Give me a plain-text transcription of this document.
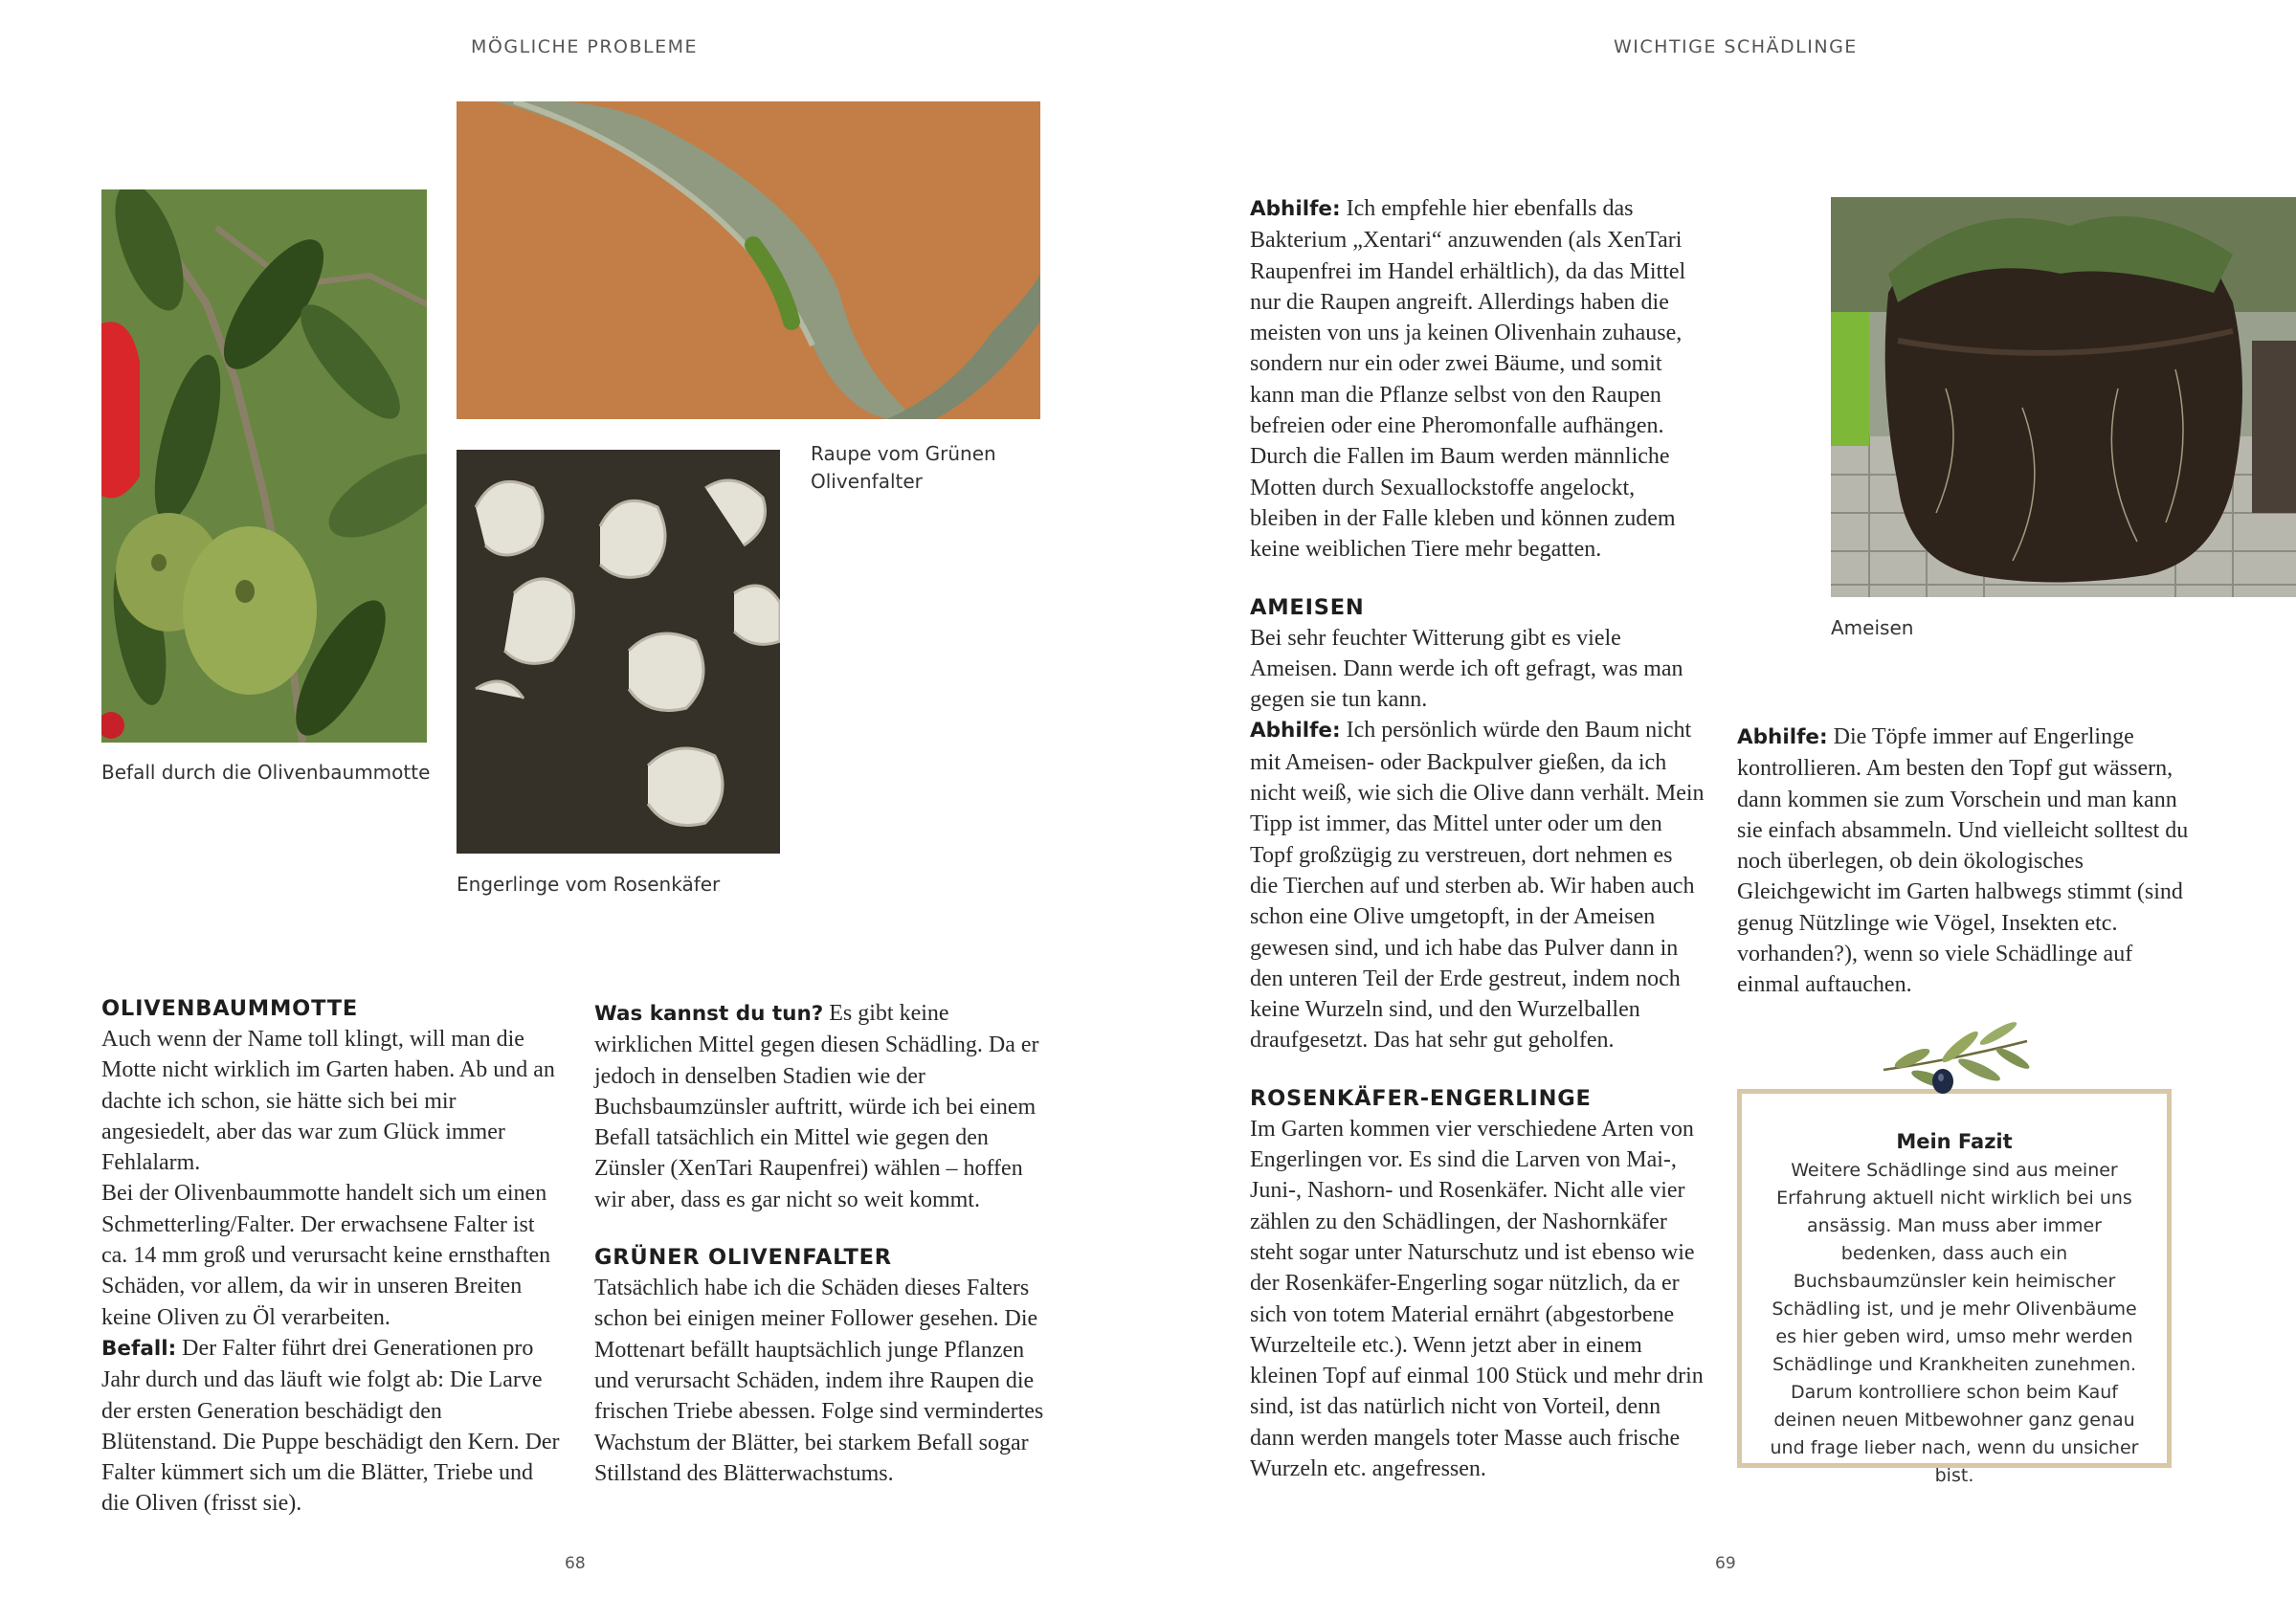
MÖGLICHE PROBLEME
Befall durch die Olivenbaummotte
Raupe vom Grünen
Olivenfalter
Engerlinge vom Rosenkäfer
OLIVENBAUMMOTTE

Auch wenn der Name toll klingt, will man die Motte nicht wirklich im Garten haben. Ab und an dachte ich schon, sie hätte sich bei mir angesiedelt, aber das war zum Glück immer Fehlalarm.

Bei der Olivenbaummotte handelt sich um einen Schmetterling/Falter. Der erwachsene Falter ist ca. 14 mm groß und verursacht keine ernsthaften Schäden, vor allem, da wir in unseren Breiten keine Oliven zu Öl verarbeiten.

Befall: Der Falter führt drei Generationen pro Jahr durch und das läuft wie folgt ab: Die Larve der ersten Generation beschädigt den Blütenstand. Die Puppe beschädigt den Kern. Der Falter kümmert sich um die Blätter, Triebe und die Oliven (frisst sie).

Was kannst du tun? Es gibt keine wirklichen Mittel gegen diesen Schädling. Da er jedoch in denselben Stadien wie der Buchsbaumzünsler auftritt, würde ich bei einem Befall tatsächlich ein Mittel wie gegen den Zünsler (XenTari Raupenfrei) wählen – hoffen wir aber, dass es gar nicht so weit kommt.

GRÜNER OLIVENFALTER

Tatsächlich habe ich die Schäden dieses Falters schon bei einigen meiner Follower gesehen. Die Mottenart befällt hauptsächlich junge Pflanzen und verursacht Schäden, indem ihre Raupen die frischen Triebe abessen. Folge sind vermindertes Wachstum der Blätter, bei starkem Befall sogar Stillstand des Blätterwachstums.

68
WICHTIGE SCHÄDLINGE

Abhilfe: Ich empfehle hier ebenfalls das Bakterium „Xentari“ anzuwenden (als XenTari Raupenfrei im Handel erhältlich), da das Mittel nur die Raupen angreift. Allerdings haben die meisten von uns ja keinen Olivenhain zuhause, sondern nur ein oder zwei Bäume, und somit kann man die Pflanze selbst von den Raupen befreien oder eine Pheromonfalle aufhängen. Durch die Fallen im Baum werden männliche Motten durch Sexuallockstoffe angelockt, bleiben in der Falle kleben und können zudem keine weiblichen Tiere mehr begatten.

AMEISEN

Bei sehr feuchter Witterung gibt es viele Ameisen. Dann werde ich oft gefragt, was man gegen sie tun kann.

Abhilfe: Ich persönlich würde den Baum nicht mit Ameisen- oder Backpulver gießen, da ich nicht weiß, wie sich die Olive dann verhält. Mein Tipp ist immer, das Mittel unter oder um den Topf großzügig zu verstreuen, dort nehmen es die Tierchen auf und sterben ab. Wir haben auch schon eine Olive umgetopft, in der Ameisen gewesen sind, und ich habe das Pulver dann in den unteren Teil der Erde gestreut, indem noch keine Wurzeln sind, und den Wurzelballen draufgesetzt. Das hat sehr gut geholfen.

ROSENKÄFER-ENGERLINGE

Im Garten kommen vier verschiedene Arten von Engerlingen vor. Es sind die Larven von Mai-, Juni-, Nashorn- und Rosenkäfer. Nicht alle vier zählen zu den Schädlingen, der Nashornkäfer steht sogar unter Naturschutz und ist ebenso wie der Rosenkäfer-Engerling sogar nützlich, da er sich von totem Material ernährt (abgestorbene Wurzelteile etc.). Wenn jetzt aber in einem kleinen Topf auf einmal 100 Stück und mehr drin sind, ist das natürlich nicht von Vorteil, denn dann werden mangels toter Masse auch frische Wurzeln etc. angefressen.

Ameisen

Abhilfe: Die Töpfe immer auf Engerlinge kontrollieren. Am besten den Topf gut wässern, dann kommen sie zum Vorschein und man kann sie einfach absammeln. Und vielleicht solltest du noch überlegen, ob dein ökologisches Gleichgewicht im Garten halbwegs stimmt (sind genug Nützlinge wie Vögel, Insekten etc. vorhanden?), wenn so viele Schädlinge auf einmal auftauchen.

Mein Fazit

Weitere Schädlinge sind aus meiner Erfahrung aktuell nicht wirklich bei uns ansässig. Man muss aber immer bedenken, dass auch ein Buchsbaumzünsler kein heimischer Schädling ist, und je mehr Olivenbäume es hier geben wird, umso mehr werden Schädlinge und Krankheiten zunehmen. Darum kontrolliere schon beim Kauf deinen neuen Mitbewohner ganz genau und frage lieber nach, wenn du unsicher bist.

69
